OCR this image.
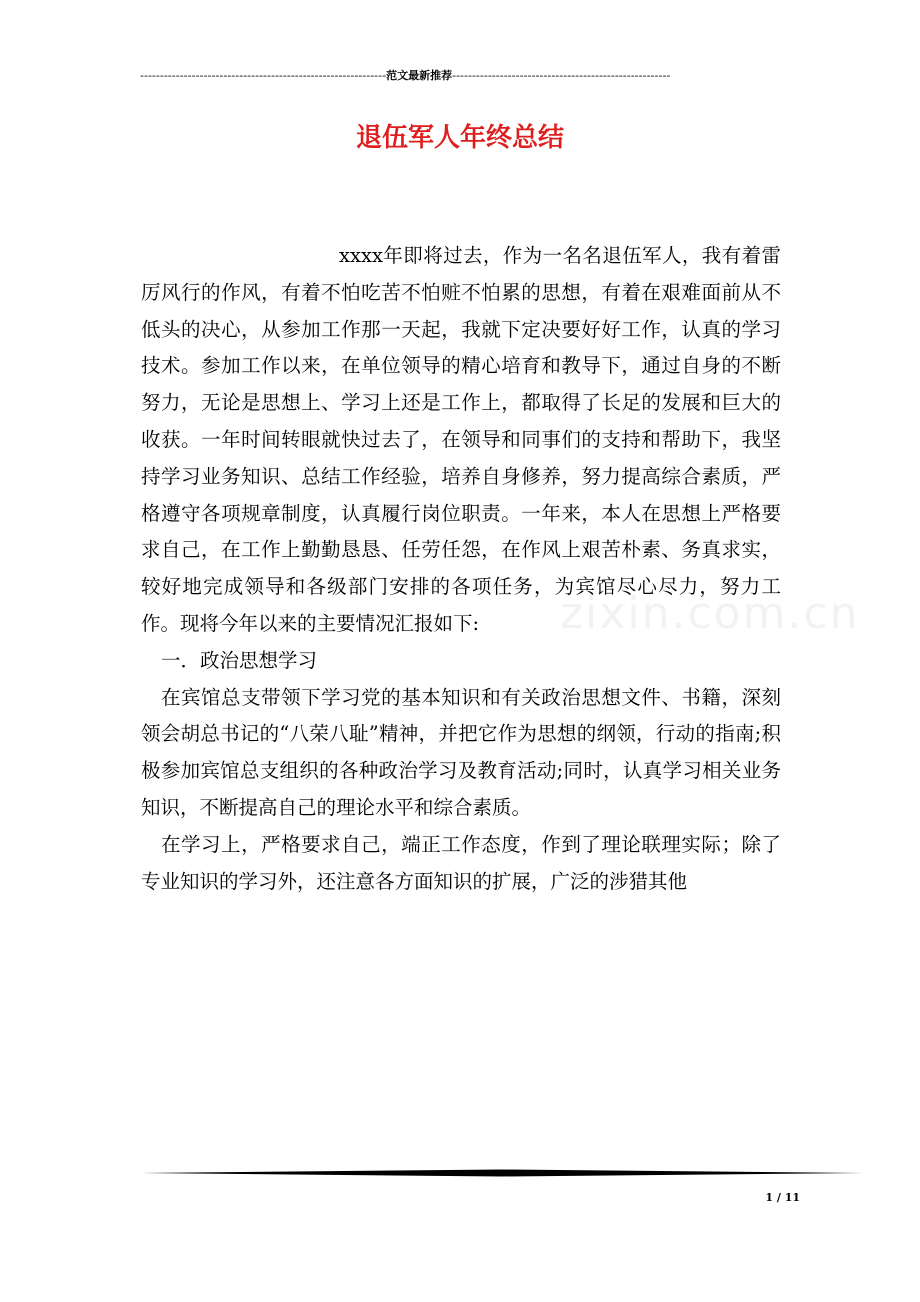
--------------------------------------------------------------范文最新推荐-------------------------------------------------------
退伍军人年终总结
zixin.com.cn

xxxx年即将过去，作为一名名退伍军人，我有着雷厉风行的作风，有着不怕吃苦不怕赃不怕累的思想，有着在艰难面前从不低头的决心，从参加工作那一天起，我就下定决要好好工作，认真的学习技术。参加工作以来，在单位领导的精心培育和教导下，通过自身的不断努力，无论是思想上、学习上还是工作上，都取得了长足的发展和巨大的收获。一年时间转眼就快过去了，在领导和同事们的支持和帮助下，我坚持学习业务知识、总结工作经验，培养自身修养，努力提高综合素质，严格遵守各项规章制度，认真履行岗位职责。一年来，本人在思想上严格要求自己，在工作上勤勤恳恳、任劳任怨，在作风上艰苦朴素、务真求实，较好地完成领导和各级部门安排的各项任务，为宾馆尽心尽力，努力工作。现将今年以来的主要情况汇报如下:

一．政治思想学习

在宾馆总支带领下学习党的基本知识和有关政治思想文件、书籍，深刻领会胡总书记的“八荣八耻”精神，并把它作为思想的纲领，行动的指南;积极参加宾馆总支组织的各种政治学习及教育活动;同时，认真学习相关业务知识，不断提高自己的理论水平和综合素质。

在学习上，严格要求自己，端正工作态度，作到了理论联理实际；除了专业知识的学习外，还注意各方面知识的扩展，广泛的涉猎其他

1 / 11
